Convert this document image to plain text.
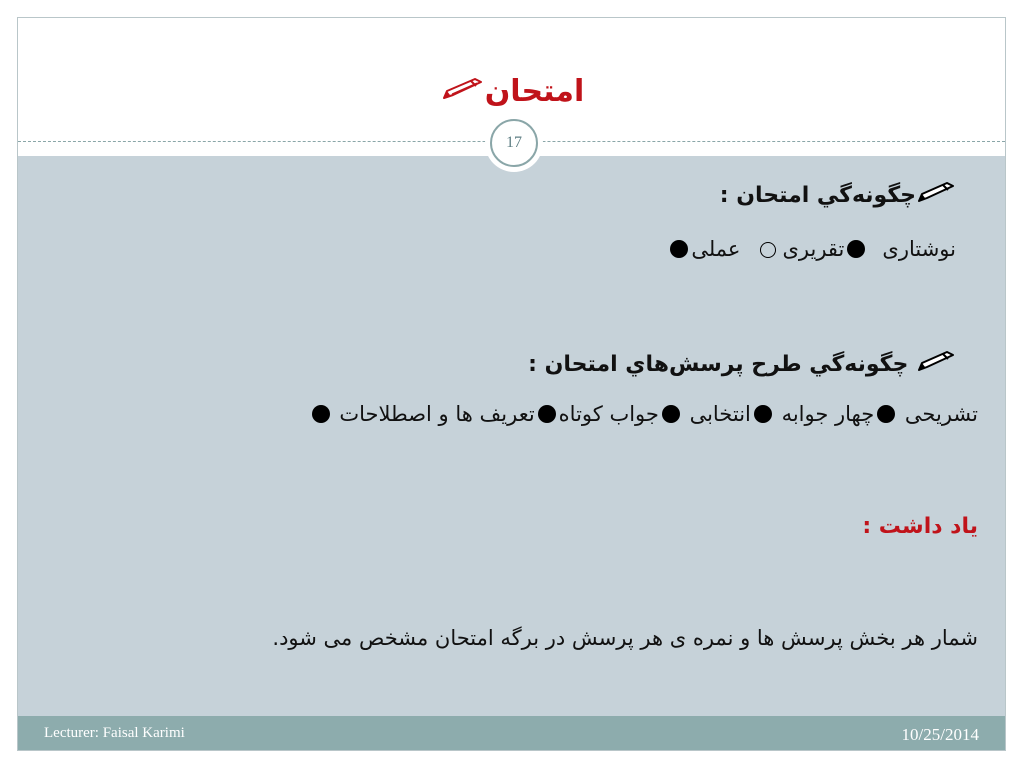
امتحان
17
چگونه‌گي امتحان :
نوشتاریتقریریعملی
چگونه‌گي طرح پرسش‌هاي امتحان :
تشریحی چهار جوابه انتخابی جواب کوتاهتعریف ها و اصطلاحات
یاد داشت :
شمار هر بخش پرسش ها و نمره ی هر پرسش در برگه امتحان مشخص می شود.
Lecturer: Faisal Karimi	10/25/2014
